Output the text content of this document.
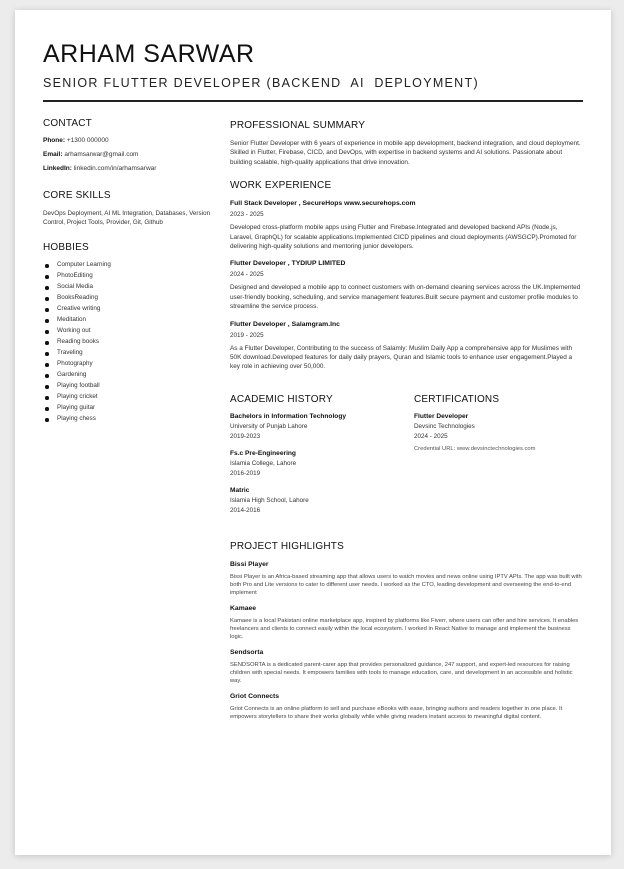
ARHAM SARWAR
SENIOR FLUTTER DEVELOPER (BACKEND  AI  DEPLOYMENT)
CONTACT
Phone: +1300 000000
Email: arhamsarwar@gmail.com
LinkedIn: linkedin.com/in/arhamsarwar
CORE SKILLS
DevOps Deployment, AI ML Integration, Databases, Version Control, Project Tools, Provider, Git, Github
HOBBIES
Computer Learning
PhotoEditing
Social Media
BooksReading
Creative writing
Meditation
Working out
Reading books
Traveling
Photography
Gardening
Playing football
Playing cricket
Playing guitar
Playing chess
PROFESSIONAL SUMMARY
Senior Flutter Developer with 6 years of experience in mobile app development, backend integration, and cloud deployment. Skilled in Flutter, Firebase, CICD, and DevOps, with expertise in backend systems and AI solutions. Passionate about building scalable, high-quality applications that drive innovation.
WORK EXPERIENCE
Full Stack Developer , SecureHops www.securehops.com
2023 - 2025
Developed cross-platform mobile apps using Flutter and Firebase.Integrated and developed backend APIs (Node.js, Laravel, GraphQL) for scalable applications.Implemented CICD pipelines and cloud deployments (AWSGCP).Promoted for delivering high-quality solutions and mentoring junior developers.
Flutter Developer , TYDIUP LIMITED
2024 - 2025
Designed and developed a mobile app to connect customers with on-demand cleaning services across the UK.Implemented user-friendly booking, scheduling, and service management features.Built secure payment and customer profile modules to streamline the service process.
Flutter Developer , Salamgram.Inc
2019 - 2025
As a Flutter Developer, Contributing to the success of Salamly: Muslim Daily App a comprehensive app for Muslimes with 50K download.Developed features for daily daily prayers, Quran and Islamic tools to enhance user engagement.Played a key role in achieving over 50,000.
ACADEMIC HISTORY
Bachelors in Information Technology
University of Punjab Lahore
2019-2023
Fs.c Pre-Engineering
Islamia College, Lahore
2016-2019
Matric
Islamia High School, Lahore
2014-2016
CERTIFICATIONS
Flutter Developer
Devsinc Technologies
2024 - 2025
Credential URL: www.devsinctechnologies.com
PROJECT HIGHLIGHTS
Bissi Player
Bissi Player is an Africa-based streaming app that allows users to watch movies and news online using IPTV APIs. The app was built with both Pro and Lite versions to cater to different user needs. I worked as the CTO, leading development and overseeing the end-to-end implement
Kamaee
Kamaee is a local Pakistani online marketplace app, inspired by platforms like Fiverr, where users can offer and hire services. It enables freelancers and clients to connect easily within the local ecosystem. I worked in React Native to manage and implement the business logic.
Sendsorta
SENDSORTA is a dedicated parent-carer app that provides personalized guidance, 247 support, and expert-led resources for raising children with special needs. It empowers families with tools to manage education, care, and development in an accessible and holistic way.
Griot Connects
Griot Connects is an online platform to sell and purchase eBooks with ease, bringing authors and readers together in one place. It empowers storytellers to share their works globally while while giving readers instant access to meaningful digital content.
